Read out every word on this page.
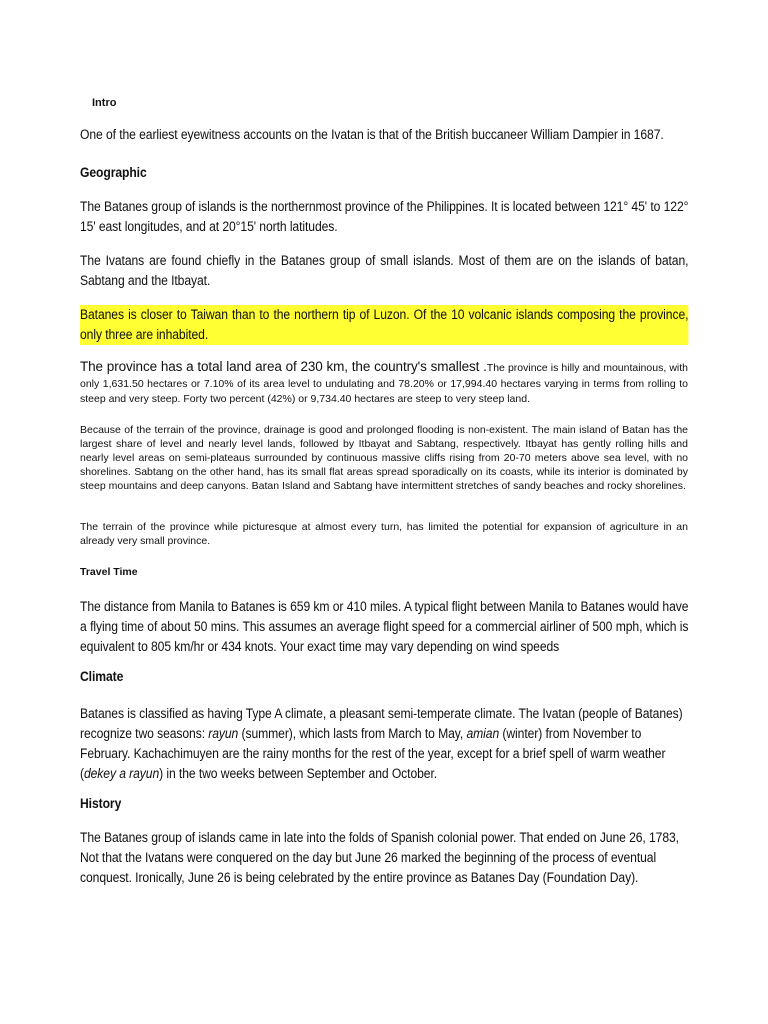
Intro

One of the earliest eyewitness accounts on the Ivatan is that of the British buccaneer William Dampier in 1687.

Geographic

The Batanes group of islands is the northernmost province of the Philippines. It is located between 121° 45' to 122° 15' east longitudes, and at 20°15' north latitudes.

The Ivatans are found chiefly in the Batanes group of small islands. Most of them are on the islands of batan, Sabtang and the Itbayat.

Batanes is closer to Taiwan than to the northern tip of Luzon. Of the 10 volcanic islands composing the province, only three are inhabited.

The province has a total land area of 230 km, the country's smallest .The province is hilly and mountainous, with only 1,631.50 hectares or 7.10% of its area level to undulating and 78.20% or 17,994.40 hectares varying in terms from rolling to steep and very steep. Forty two percent (42%) or 9,734.40 hectares are steep to very steep land.

Because of the terrain of the province, drainage is good and prolonged flooding is non-existent. The main island of Batan has the largest share of level and nearly level lands, followed by Itbayat and Sabtang, respectively. Itbayat has gently rolling hills and nearly level areas on semi-plateaus surrounded by continuous massive cliffs rising from 20-70 meters above sea level, with no shorelines. Sabtang on the other hand, has its small flat areas spread sporadically on its coasts, while its interior is dominated by steep mountains and deep canyons. Batan Island and Sabtang have intermittent stretches of sandy beaches and rocky shorelines.

The terrain of the province while picturesque at almost every turn, has limited the potential for expansion of agriculture in an already very small province.

Travel Time

The distance from Manila to Batanes is 659 km or 410 miles. A typical flight between Manila to Batanes would have a flying time of about 50 mins. This assumes an average flight speed for a commercial airliner of 500 mph, which is equivalent to 805 km/hr or 434 knots. Your exact time may vary depending on wind speeds

Climate

Batanes is classified as having Type A climate, a pleasant semi-temperate climate. The Ivatan (people of Batanes) recognize two seasons: rayun (summer), which lasts from March to May, amian (winter) from November to February. Kachachimuyen are the rainy months for the rest of the year, except for a brief spell of warm weather (dekey a rayun) in the two weeks between September and October.

History

The Batanes group of islands came in late into the folds of Spanish colonial power. That ended on June 26, 1783, Not that the Ivatans were conquered on the day but June 26 marked the beginning of the process of eventual conquest. Ironically, June 26 is being celebrated by the entire province as Batanes Day (Foundation Day).
